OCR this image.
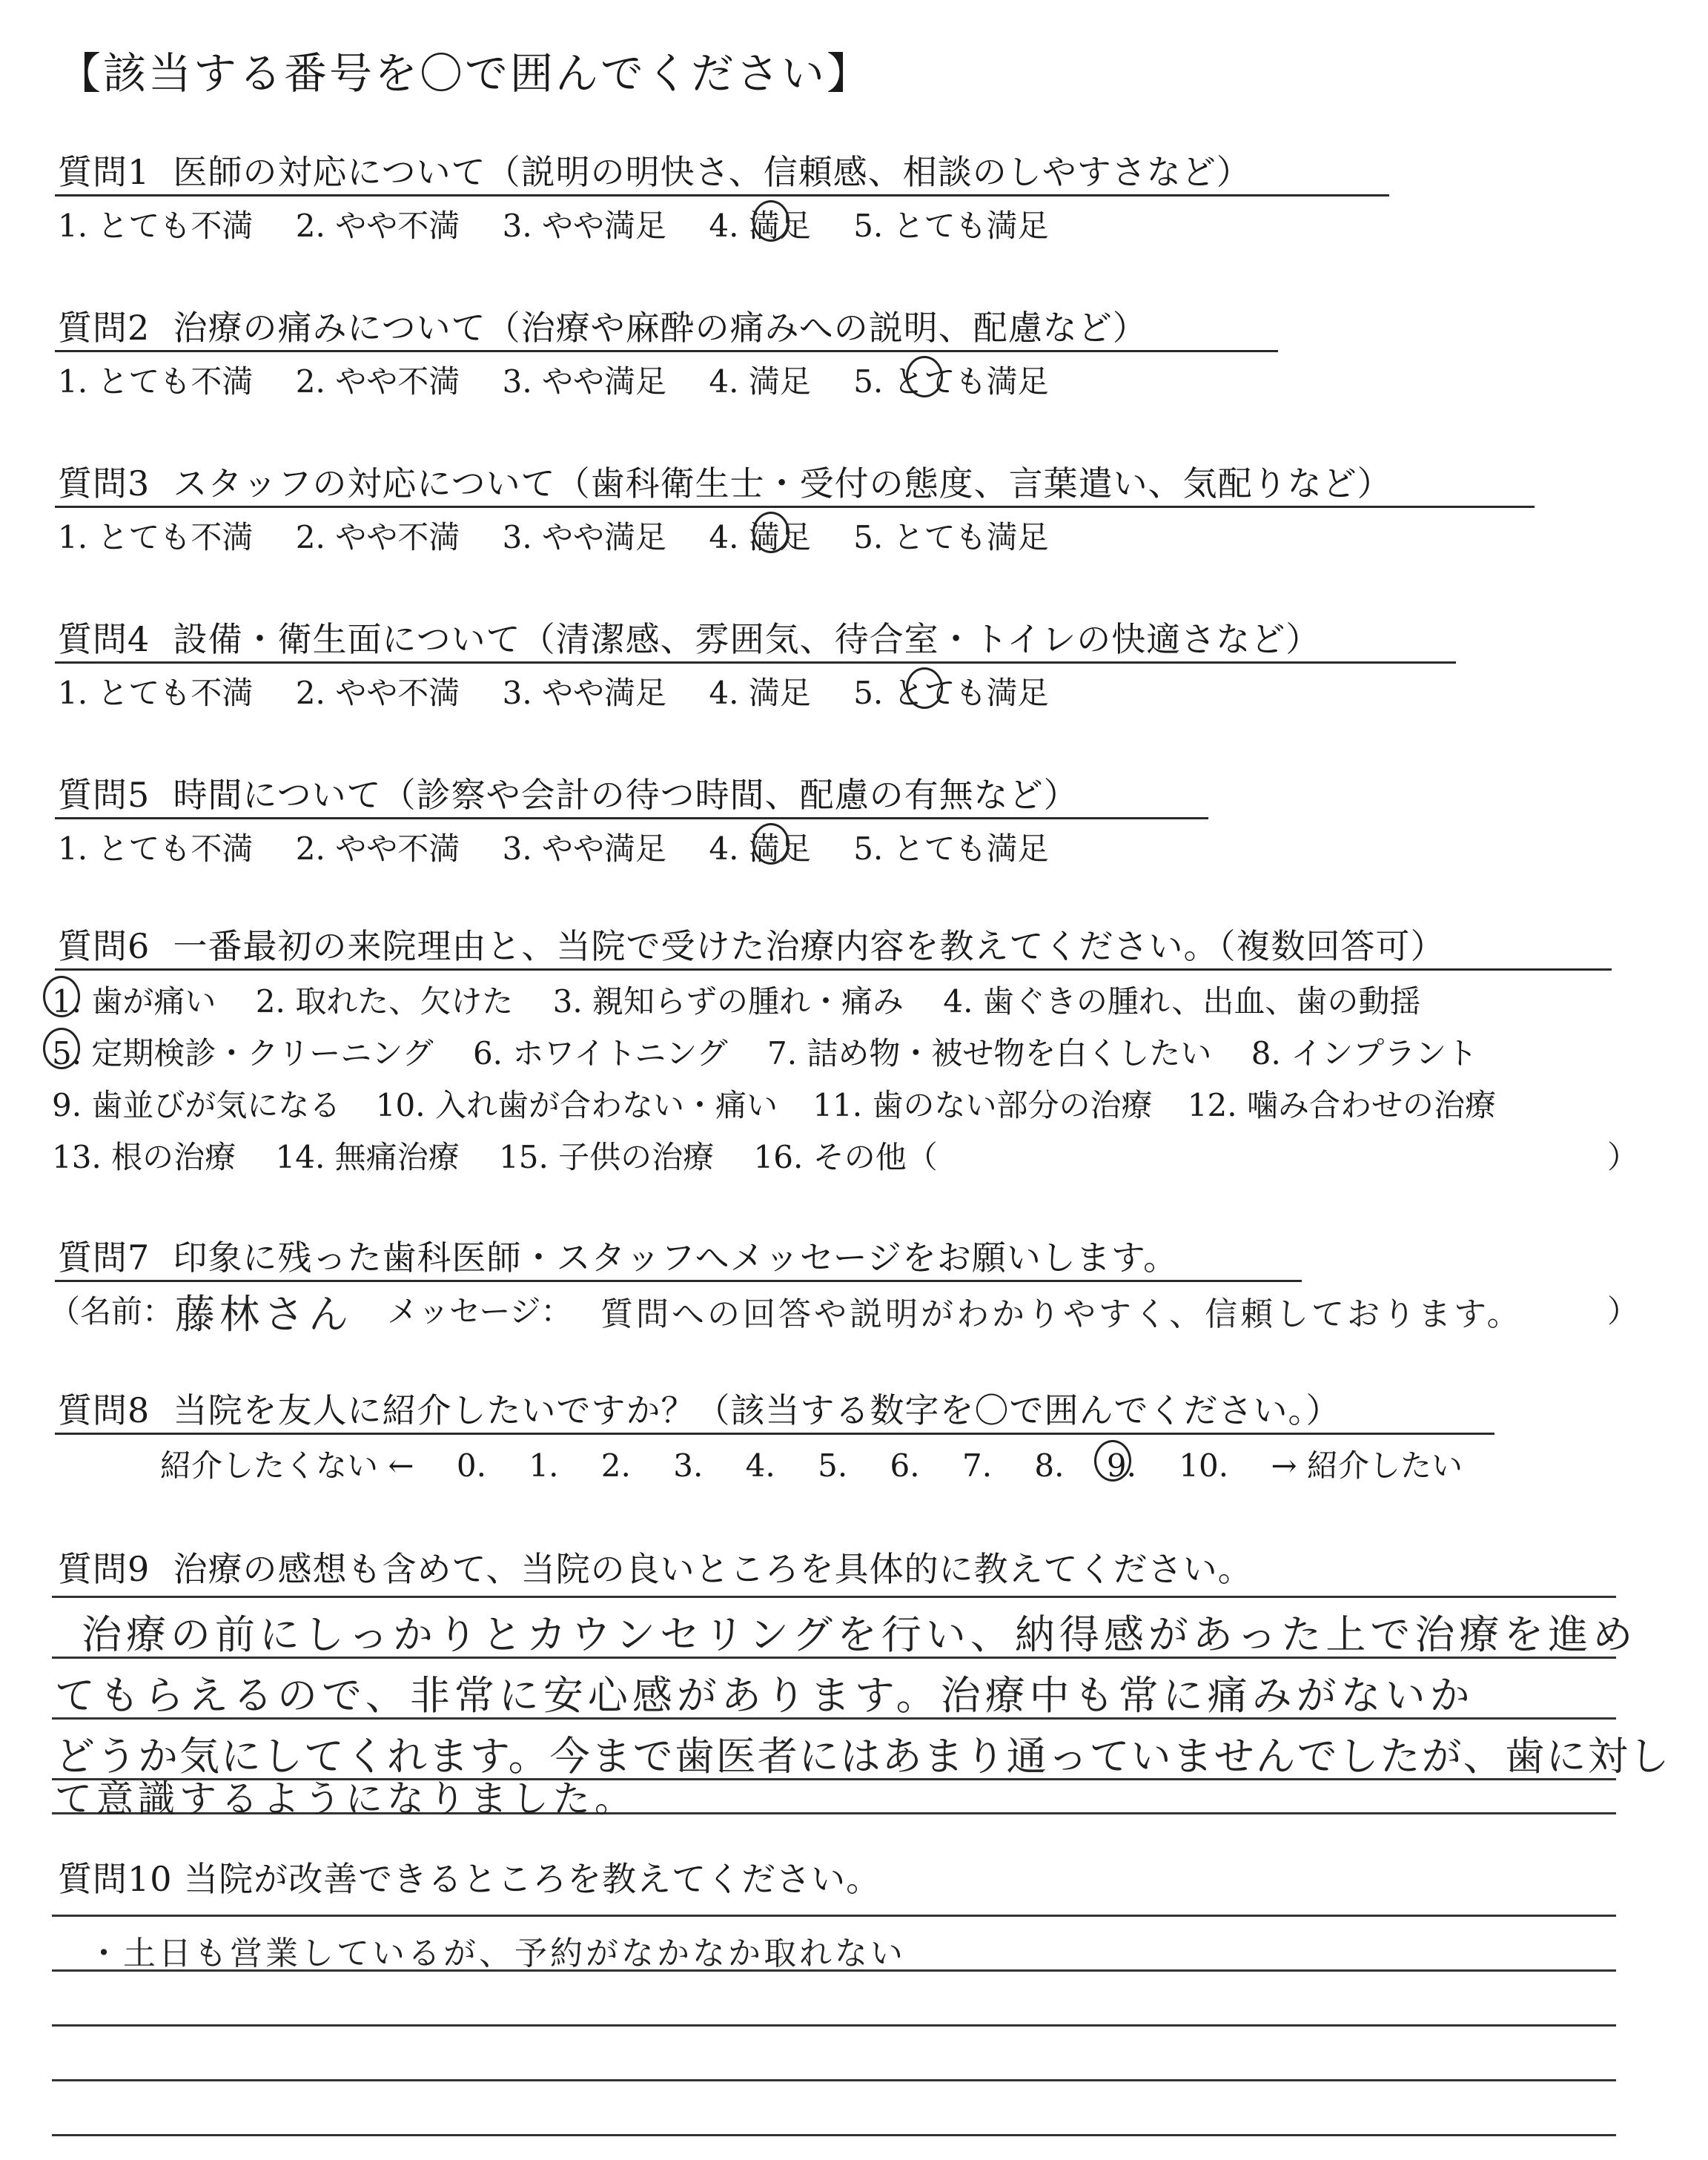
【該当する番号を〇で囲んでください】
質問1 医師の対応について（説明の明快さ、信頼感、相談のしやすさなど）
1. とても不満 2. やや不満 3. やや満足 4. 満足 5. とても満足
質問2 治療の痛みについて（治療や麻酔の痛みへの説明、配慮など）
1. とても不満 2. やや不満 3. やや満足 4. 満足 5. とても満足
質問3 スタッフの対応について（歯科衛生士・受付の態度、言葉遣い、気配りなど）
1. とても不満 2. やや不満 3. やや満足 4. 満足 5. とても満足
質問4 設備・衛生面について（清潔感、雰囲気、待合室・トイレの快適さなど）
1. とても不満 2. やや不満 3. やや満足 4. 満足 5. とても満足
質問5 時間について（診察や会計の待つ時間、配慮の有無など）
1. とても不満 2. やや不満 3. やや満足 4. 満足 5. とても満足
質問6 一番最初の来院理由と、当院で受けた治療内容を教えてください。（複数回答可）
1. 歯が痛い 2. 取れた、欠けた 3. 親知らずの腫れ・痛み 4. 歯ぐきの腫れ、出血、歯の動揺
5. 定期検診・クリーニング 6. ホワイトニング 7. 詰め物・被せ物を白くしたい 8. インプラント
9. 歯並びが気になる 10. 入れ歯が合わない・痛い 11. 歯のない部分の治療 12. 噛み合わせの治療
13. 根の治療 14. 無痛治療 15. 子供の治療 16. その他（	）
質問7 印象に残った歯科医師・スタッフへメッセージをお願いします。
（名前： 藤林さん メッセージ： 質問への回答や説明がわかりやすく、信頼しております。	）
質問8 当院を友人に紹介したいですか？（該当する数字を〇で囲んでください。）
紹介したくない ← 0. 1. 2. 3. 4. 5. 6. 7. 8. 9. 10. → 紹介したい
質問9 治療の感想も含めて、当院の良いところを具体的に教えてください。
治療の前にしっかりとカウンセリングを行い、納得感があった上で治療を進め
てもらえるので、非常に安心感があります。治療中も常に痛みがないか
どうか気にしてくれます。今まで歯医者にはあまり通っていませんでしたが、歯に対し
て意識するようになりました。
質問10 当院が改善できるところを教えてください。
・土日も営業しているが、予約がなかなか取れない
